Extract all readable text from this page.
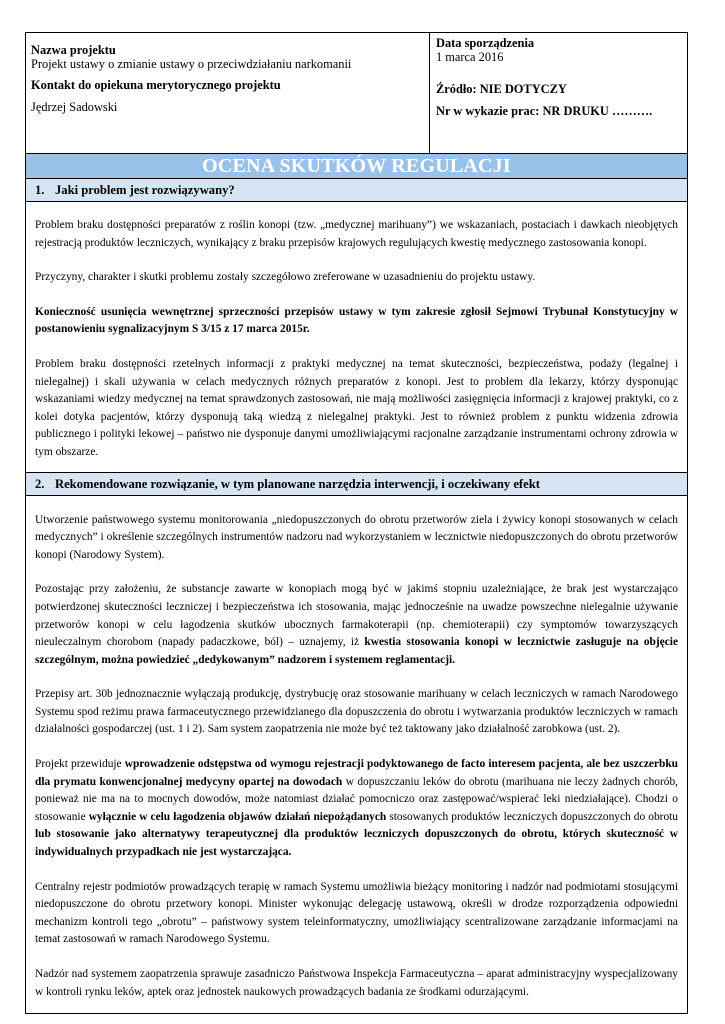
Nazwa projektu
Projekt ustawy o zmianie ustawy o przeciwdziałaniu narkomanii
Kontakt do opiekuna merytorycznego projektu
Jędrzej Sadowski
Data sporządzenia
1 marca 2016
Źródło: NIE DOTYCZY
Nr w wykazie prac: NR DRUKU ……….
OCENA SKUTKÓW REGULACJI
1. Jaki problem jest rozwiązywany?

Problem braku dostępności preparatów z roślin konopi (tzw. „medycznej marihuany”) we wskazaniach, postaciach i dawkach nieobjętych rejestracją produktów leczniczych, wynikający z braku przepisów krajowych regulujących kwestię medycznego zastosowania konopi.

Przyczyny, charakter i skutki problemu zostały szczegółowo zreferowane w uzasadnieniu do projektu ustawy.

Konieczność usunięcia wewnętrznej sprzeczności przepisów ustawy w tym zakresie zgłosił Sejmowi Trybunał Konstytucyjny w postanowieniu sygnalizacyjnym S 3/15 z 17 marca 2015r.

Problem braku dostępności rzetelnych informacji z praktyki medycznej na temat skuteczności, bezpieczeństwa, podaży (legalnej i nielegalnej) i skali używania w celach medycznych różnych preparatów z konopi. Jest to problem dla lekarzy, którzy dysponując wskazaniami wiedzy medycznej na temat sprawdzonych zastosowań, nie mają możliwości zasięgnięcia informacji z krajowej praktyki, co z kolei dotyka pacjentów, którzy dysponują taką wiedzą z nielegalnej praktyki. Jest to również problem z punktu widzenia zdrowia publicznego i polityki lekowej – państwo nie dysponuje danymi umożliwiającymi racjonalne zarządzanie instrumentami ochrony zdrowia w tym obszarze.

2. Rekomendowane rozwiązanie, w tym planowane narzędzia interwencji, i oczekiwany efekt

Utworzenie państwowego systemu monitorowania „niedopuszczonych do obrotu przetworów ziela i żywicy konopi stosowanych w celach medycznych” i określenie szczególnych instrumentów nadzoru nad wykorzystaniem w lecznictwie niedopuszczonych do obrotu przetworów konopi (Narodowy System).

Pozostając przy założeniu, że substancje zawarte w konopiach mogą być w jakimś stopniu uzależniające, że brak jest wystarczająco potwierdzonej skuteczności leczniczej i bezpieczeństwa ich stosowania, mając jednocześnie na uwadze powszechne nielegalnie używanie przetworów konopi w celu łagodzenia skutków ubocznych farmakoterapii (np. chemioterapii) czy symptomów towarzyszących nieuleczalnym chorobom (napady padaczkowe, ból) – uznajemy, iż kwestia stosowania konopi w lecznictwie zasługuje na objęcie szczególnym, można powiedzieć „dedykowanym” nadzorem i systemem reglamentacji.

Przepisy art. 30b jednoznacznie wyłączają produkcję, dystrybucję oraz stosowanie marihuany w celach leczniczych w ramach Narodowego Systemu spod reżimu prawa farmaceutycznego przewidzianego dla dopuszczenia do obrotu i wytwarzania produktów leczniczych w ramach działalności gospodarczej (ust. 1 i 2). Sam system zaopatrzenia nie może być też taktowany jako działalność zarobkowa (ust. 2).

Projekt przewiduje wprowadzenie odstępstwa od wymogu rejestracji podyktowanego de facto interesem pacjenta, ale bez uszczerbku dla prymatu konwencjonalnej medycyny opartej na dowodach w dopuszczaniu leków do obrotu (marihuana nie leczy żadnych chorób, ponieważ nie ma na to mocnych dowodów, może natomiast działać pomocniczo oraz zastępować/wspierać leki niedziałające). Chodzi o stosowanie wyłącznie w celu łagodzenia objawów działań niepożądanych stosowanych produktów leczniczych dopuszczonych do obrotu lub stosowanie jako alternatywy terapeutycznej dla produktów leczniczych dopuszczonych do obrotu, których skuteczność w indywidualnych przypadkach nie jest wystarczająca.

Centralny rejestr podmiotów prowadzących terapię w ramach Systemu umożliwia bieżący monitoring i nadzór nad podmiotami stosującymi niedopuszczone do obrotu przetwory konopi. Minister wykonując delegację ustawową, określi w drodze rozporządzenia odpowiedni mechanizm kontroli tego „obrotu” – państwowy system teleinformatyczny, umożliwiający scentralizowane zarządzanie informacjami na temat zastosowań w ramach Narodowego Systemu.

Nadzór nad systemem zaopatrzenia sprawuje zasadniczo Państwowa Inspekcja Farmaceutyczna – aparat administracyjny wyspecjalizowany w kontroli rynku leków, aptek oraz jednostek naukowych prowadzących badania ze środkami odurzającymi.
